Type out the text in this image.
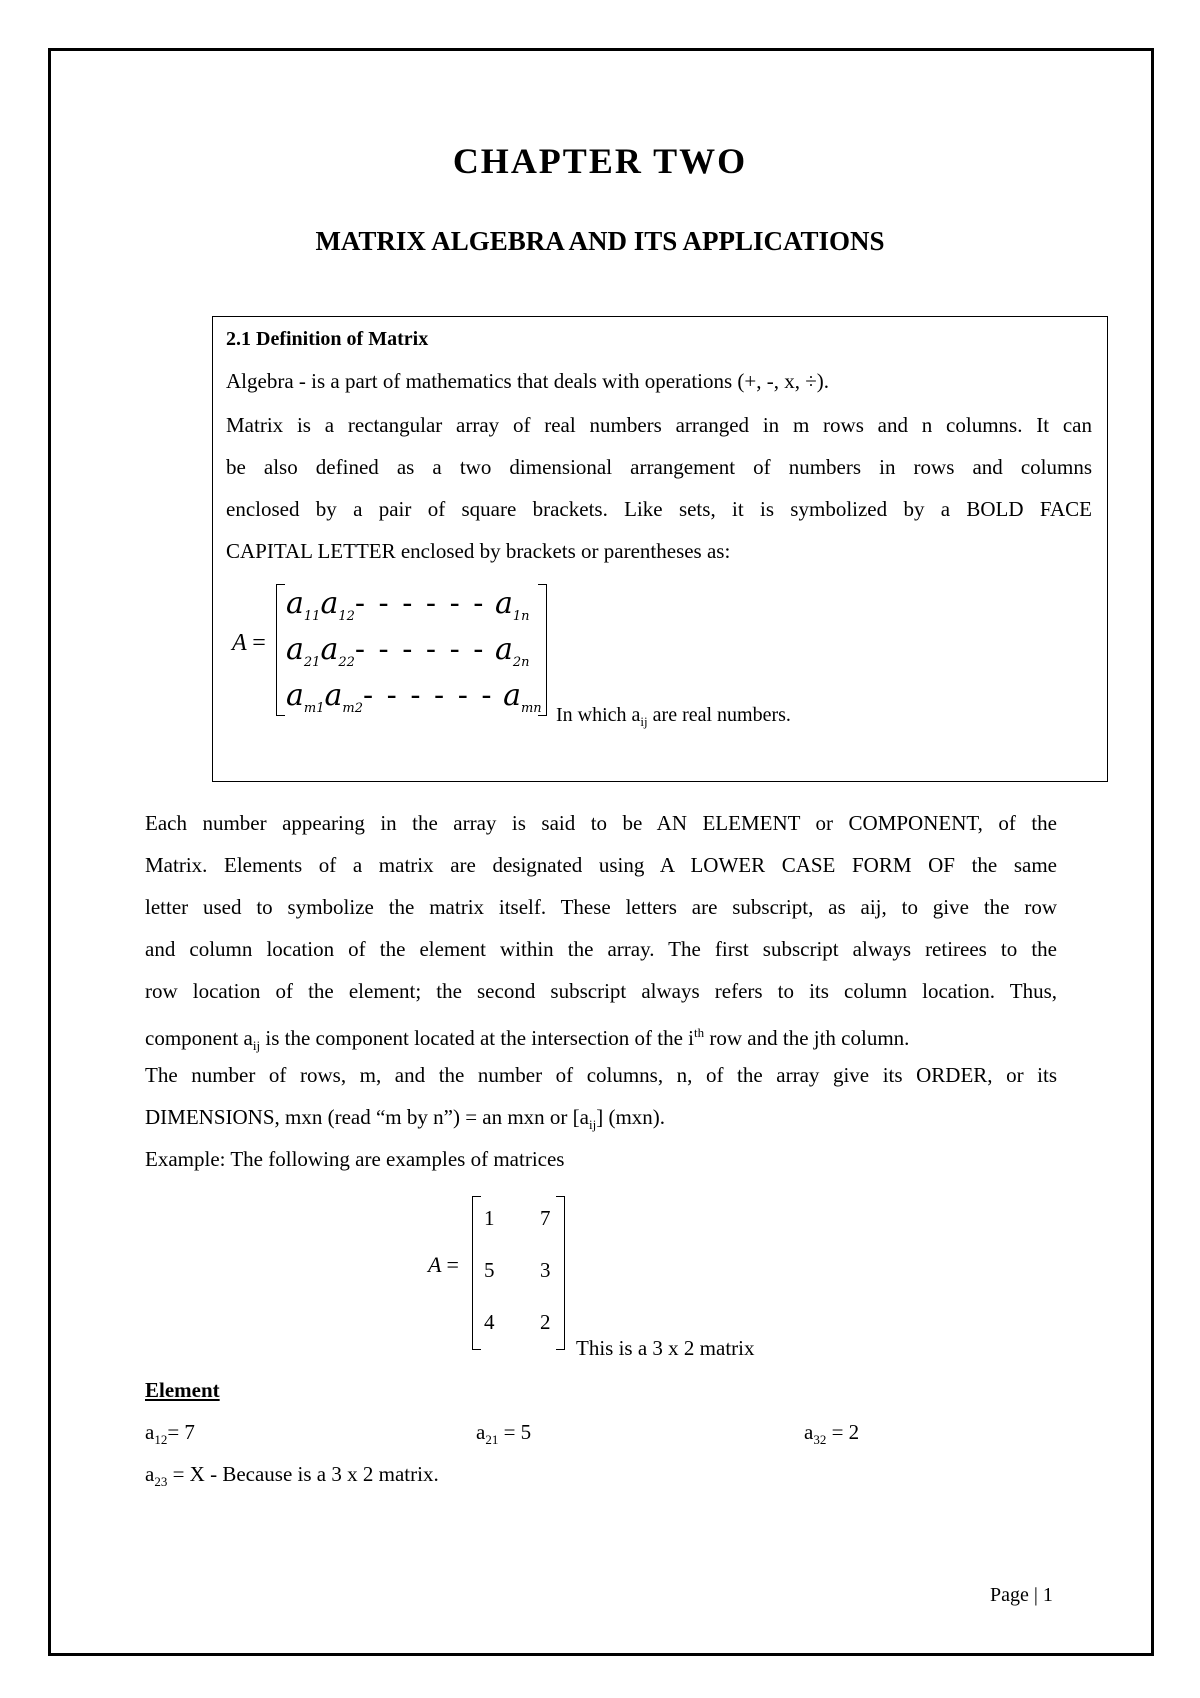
CHAPTER TWO
MATRIX ALGEBRA AND ITS APPLICATIONS
2.1 Definition of Matrix
Algebra - is a part of mathematics that deals with operations (+, -, x, ÷).
Matrix is a rectangular array of real numbers arranged in m rows and n columns. It can
be also defined as a two dimensional arrangement of numbers in rows and columns
enclosed by a pair of square brackets. Like sets, it is symbolized by a BOLD FACE
CAPITAL LETTER enclosed by brackets or parentheses as:
A =
$a_{11}a_{12}-$ - - - - - $a_{1n}$
$a_{21}a_{22}-$ - - - - - $a_{2n}$
$a_{m1}a_{m2}-$ - - - - - $a_{mn}$ In which $a_{ij}$ are real numbers.
Each number appearing in the array is said to be AN ELEMENT or COMPONENT, of the
Matrix. Elements of a matrix are designated using A LOWER CASE FORM OF the same
letter used to symbolize the matrix itself. These letters are subscript, as aij, to give the row
and column location of the element within the array. The first subscript always retirees to the
row location of the element; the second subscript always refers to its column location. Thus,
component $a_{ij}$ is the component located at the intersection of the $i^{th}$ row and the jth column.
The number of rows, m, and the number of columns, n, of the array give its ORDER, or its
DIMENSIONS, mxn (read “m by n”) = an mxn or $[a_{ij}]$ (mxn).
Example: The following are examples of matrices
A =
1 7
5 3
4 2
This is a 3 x 2 matrix
Element
$a_{12}= 7$	$a_{21} = 5$	$a_{32} = 2$
$a_{23} = X$ - Because is a 3 x 2 matrix.
Page | 1
